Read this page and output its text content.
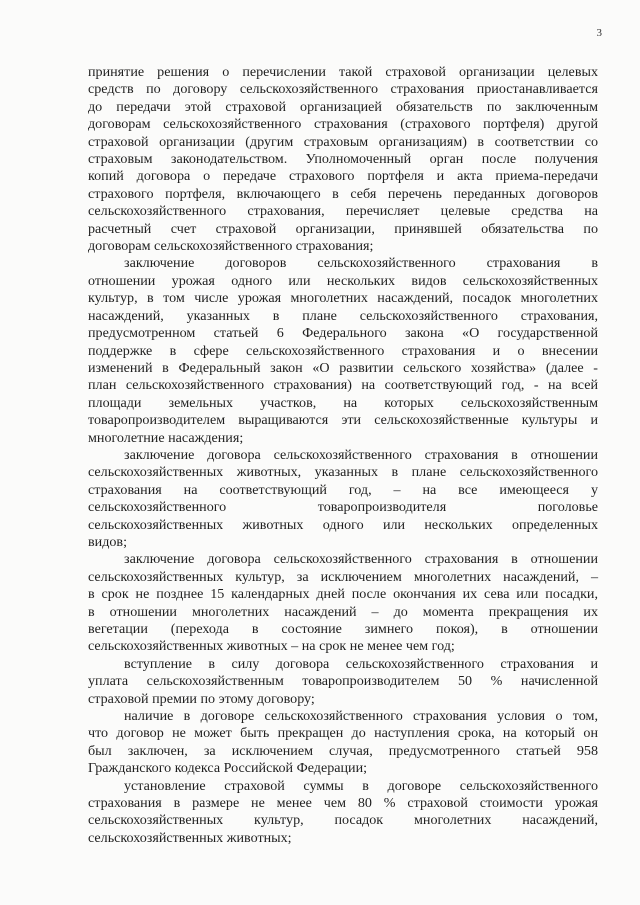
3
принятие решения о перечислении такой страховой организации целевых
средств по договору сельскохозяйственного страхования приостанавливается
до передачи этой страховой организацией обязательств по заключенным
договорам сельскохозяйственного страхования (страхового портфеля) другой
страховой организации (другим страховым организациям) в соответствии со
страховым законодательством. Уполномоченный орган после получения
копий договора о передаче страхового портфеля и акта приема-передачи
страхового портфеля, включающего в себя перечень переданных договоров
сельскохозяйственного страхования, перечисляет целевые средства на
расчетный счет страховой организации, принявшей обязательства по
договорам сельскохозяйственного страхования;
заключение договоров сельскохозяйственного страхования в
отношении урожая одного или нескольких видов сельскохозяйственных
культур, в том числе урожая многолетних насаждений, посадок многолетних
насаждений, указанных в плане сельскохозяйственного страхования,
предусмотренном статьей 6 Федерального закона «О государственной
поддержке в сфере сельскохозяйственного страхования и о внесении
изменений в Федеральный закон «О развитии сельского хозяйства» (далее -
план сельскохозяйственного страхования) на соответствующий год, - на всей
площади земельных участков, на которых сельскохозяйственным
товаропроизводителем выращиваются эти сельскохозяйственные культуры и
многолетние насаждения;
заключение договора сельскохозяйственного страхования в отношении
сельскохозяйственных животных, указанных в плане сельскохозяйственного
страхования на соответствующий год, – на все имеющееся у
сельскохозяйственного товаропроизводителя поголовье
сельскохозяйственных животных одного или нескольких определенных
видов;
заключение договора сельскохозяйственного страхования в отношении
сельскохозяйственных культур, за исключением многолетних насаждений, –
в срок не позднее 15 календарных дней после окончания их сева или посадки,
в отношении многолетних насаждений – до момента прекращения их
вегетации (перехода в состояние зимнего покоя), в отношении
сельскохозяйственных животных – на срок не менее чем год;
вступление в силу договора сельскохозяйственного страхования и
уплата сельскохозяйственным товаропроизводителем 50 % начисленной
страховой премии по этому договору;
наличие в договоре сельскохозяйственного страхования условия о том,
что договор не может быть прекращен до наступления срока, на который он
был заключен, за исключением случая, предусмотренного статьей 958
Гражданского кодекса Российской Федерации;
установление страховой суммы в договоре сельскохозяйственного
страхования в размере не менее чем 80 % страховой стоимости урожая
сельскохозяйственных культур, посадок многолетних насаждений,
сельскохозяйственных животных;
